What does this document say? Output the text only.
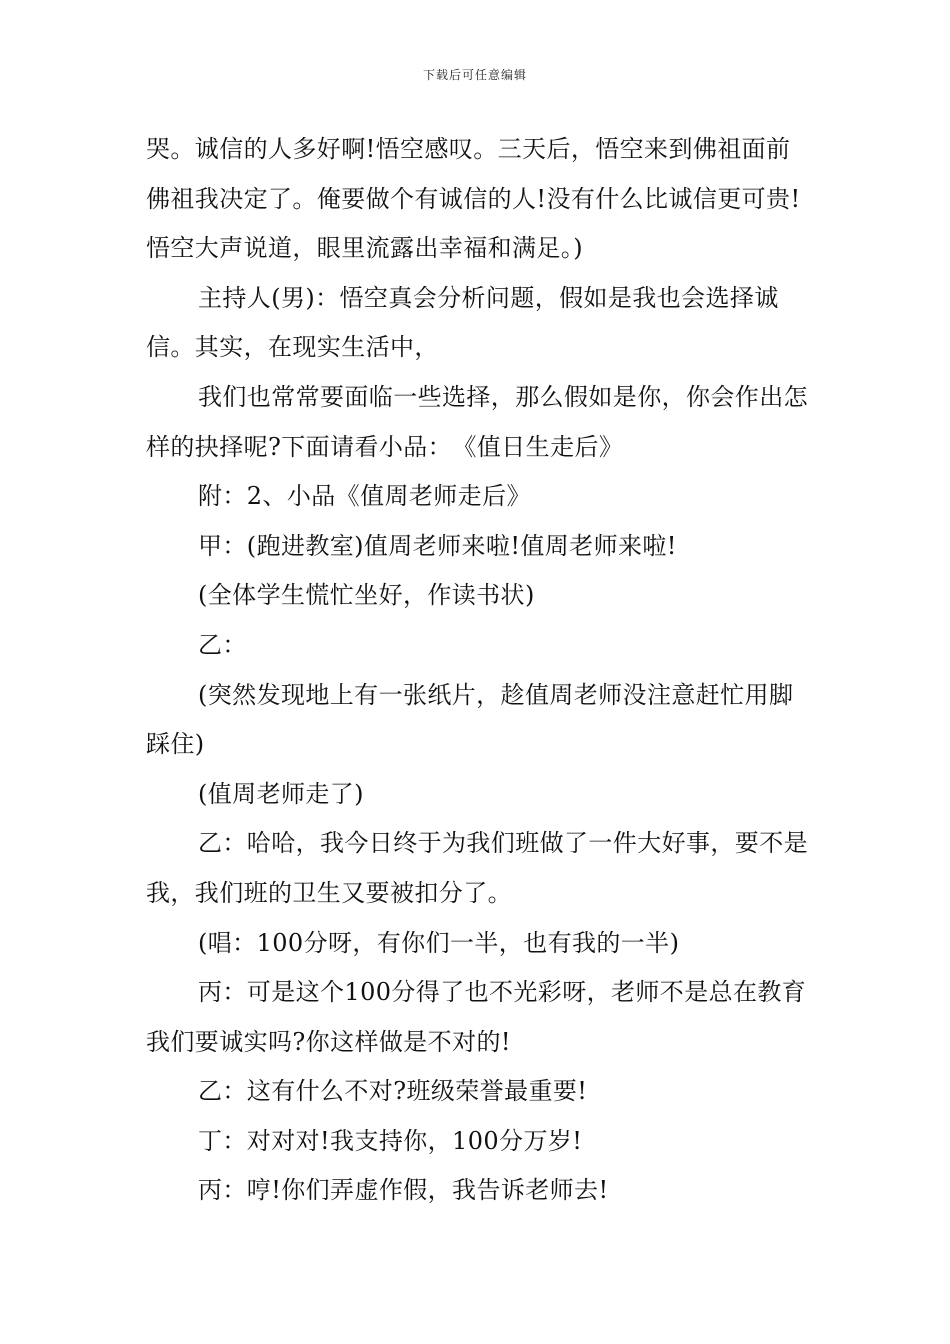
下载后可任意编辑

哭。诚信的人多好啊!悟空感叹。三天后，悟空来到佛祖面前佛祖我决定了。俺要做个有诚信的人!没有什么比诚信更可贵!悟空大声说道，眼里流露出幸福和满足。)

主持人(男)：悟空真会分析问题，假如是我也会选择诚信。其实，在现实生活中，

我们也常常要面临一些选择，那么假如是你，你会作出怎样的抉择呢?下面请看小品：　《值日生走后》

附：2、小品《值周老师走后》

甲：(跑进教室)值周老师来啦!值周老师来啦!

(全体学生慌忙坐好，作读书状)

乙：

(突然发现地上有一张纸片，趁值周老师没注意赶忙用脚踩住)

(值周老师走了)

乙：哈哈，我今日终于为我们班做了一件大好事，要不是我，我们班的卫生又要被扣分了。

(唱：100分呀，有你们一半，也有我的一半)

丙：可是这个100分得了也不光彩呀，老师不是总在教育我们要诚实吗?你这样做是不对的!

乙：这有什么不对?班级荣誉最重要!

丁：对对对!我支持你，100分万岁!

丙：哼!你们弄虚作假，我告诉老师去!
